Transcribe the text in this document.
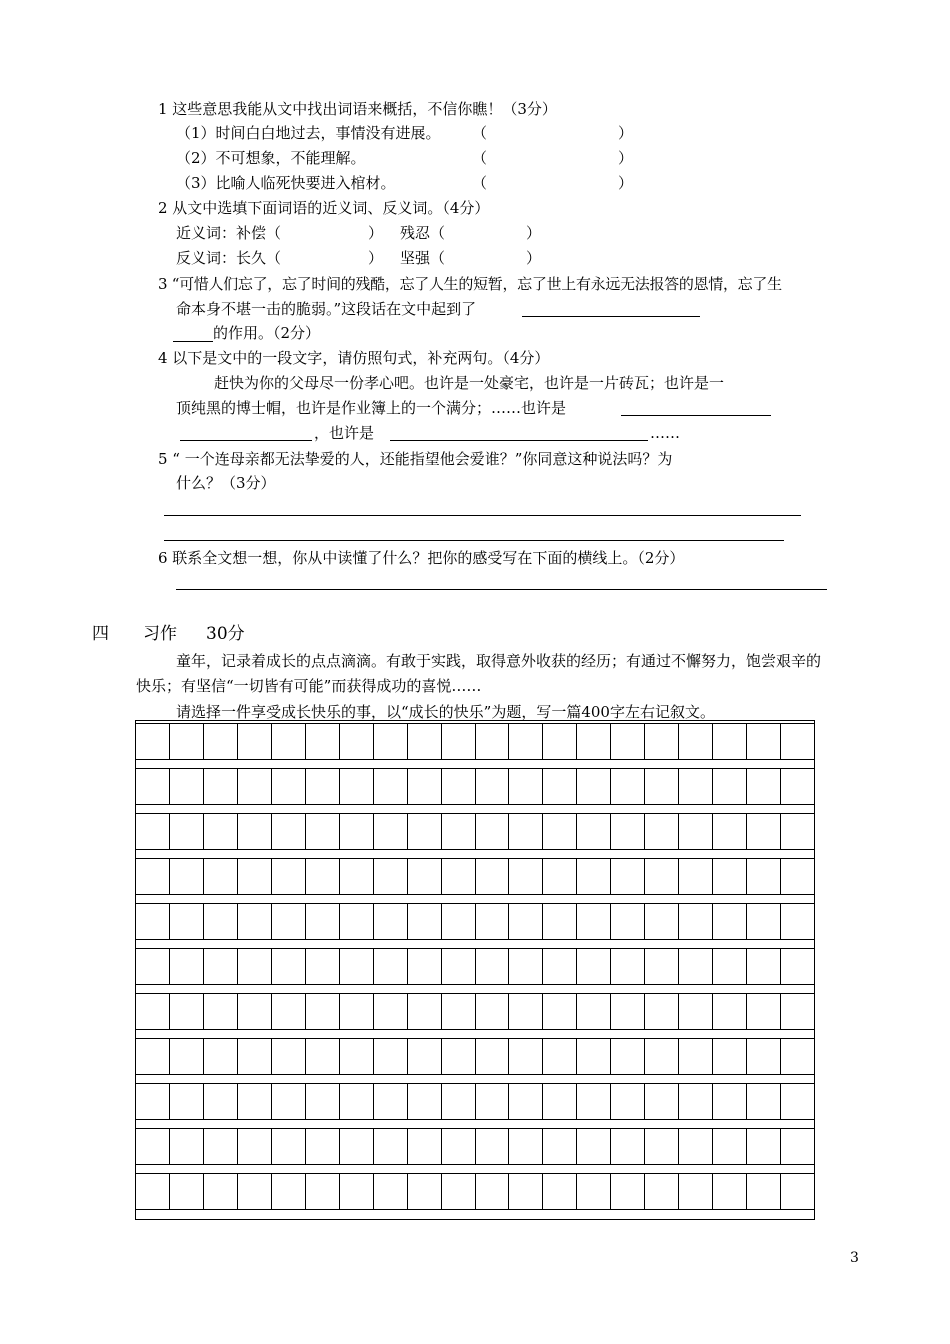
1 这些意思我能从文中找出词语来概括，不信你瞧！（3分）
（1）时间白白地过去，事情没有进展。 （	）
（2）不可想象，不能理解。	（	）
（3）比喻人临死快要进入棺材。	（	）
2 从文中选填下面词语的近义词、反义词。（4分）
近义词：补偿（	） 残忍（	）
反义词：长久（	） 坚强（	）
3 “可惜人们忘了，忘了时间的残酷，忘了人生的短暂，忘了世上有永远无法报答的恩情，忘了生
命本身不堪一击的脆弱。”这段话在文中起到了
的作用。（2分）
4 以下是文中的一段文字，请仿照句式，补充两句。（4分）
赶快为你的父母尽一份孝心吧。也许是一处豪宅，也许是一片砖瓦；也许是一
顶纯黑的博士帽，也许是作业簿上的一个满分；……也许是
，也许是	……
5 “ 一个连母亲都无法挚爱的人，还能指望他会爱谁？”你同意这种说法吗？为
什么？（3分）
6 联系全文想一想，你从中读懂了什么？把你的感受写在下面的横线上。（2分）
四 习作 30分
童年，记录着成长的点点滴滴。有敢于实践，取得意外收获的经历；有通过不懈努力，饱尝艰辛的
快乐；有坚信“一切皆有可能”而获得成功的喜悦……
请选择一件享受成长快乐的事，以“成长的快乐”为题，写一篇400字左右记叙文。
3
